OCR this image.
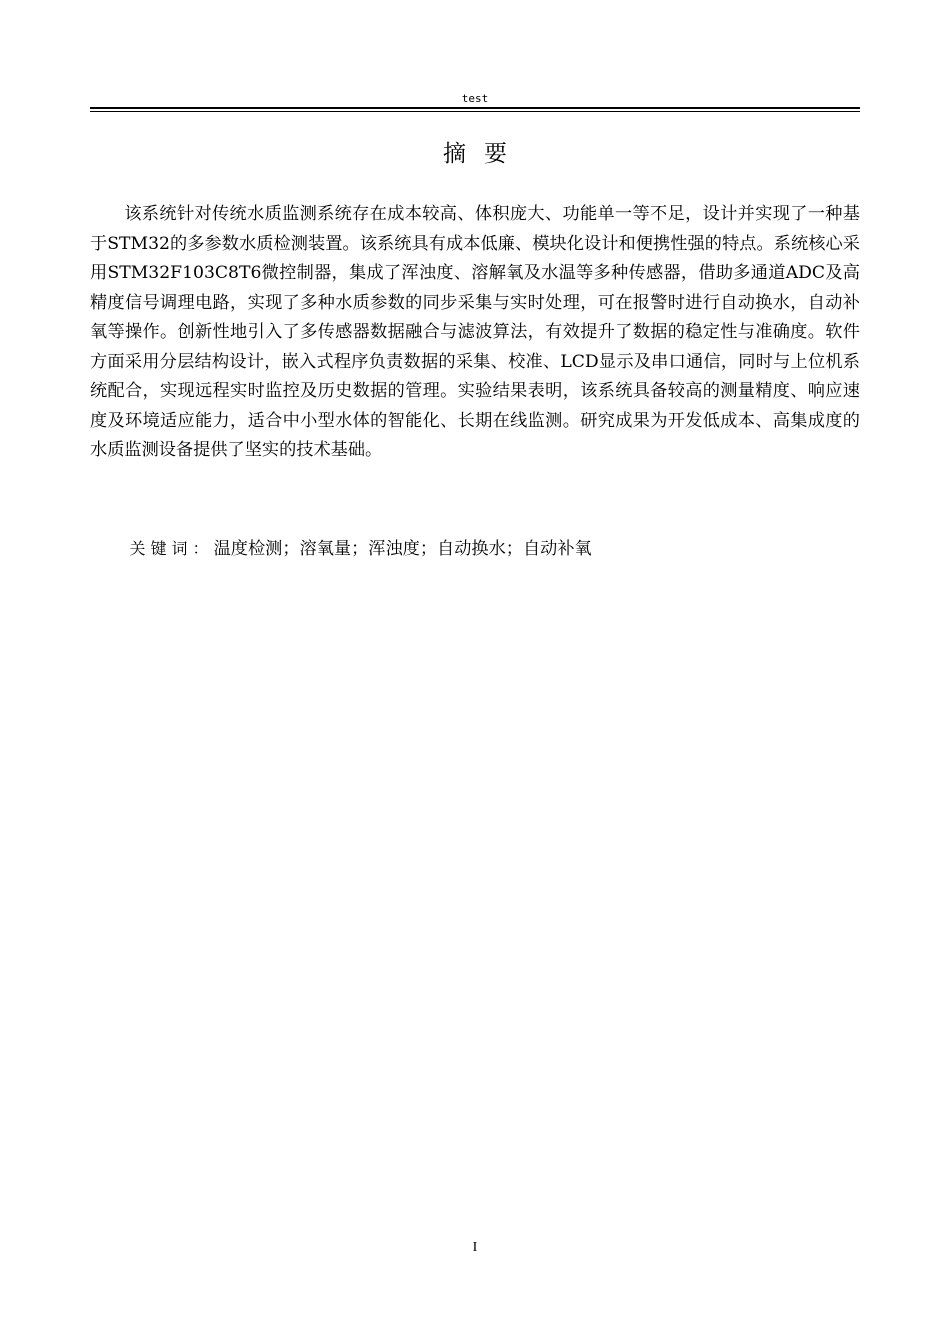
test
摘要

该系统针对传统水质监测系统存在成本较高、体积庞大、功能单一等不足，设计并实现了一种基于STM32的多参数水质检测装置。该系统具有成本低廉、模块化设计和便携性强的特点。系统核心采用STM32F103C8T6微控制器，集成了浑浊度、溶解氧及水温等多种传感器，借助多通道ADC及高精度信号调理电路，实现了多种水质参数的同步采集与实时处理，可在报警时进行自动换水，自动补氧等操作。创新性地引入了多传感器数据融合与滤波算法，有效提升了数据的稳定性与准确度。软件方面采用分层结构设计，嵌入式程序负责数据的采集、校准、LCD显示及串口通信，同时与上位机系统配合，实现远程实时监控及历史数据的管理。实验结果表明，该系统具备较高的测量精度、响应速度及环境适应能力，适合中小型水体的智能化、长期在线监测。研究成果为开发低成本、高集成度的水质监测设备提供了坚实的技术基础。

关键词：温度检测；溶氧量；浑浊度；自动换水；自动补氧

I
